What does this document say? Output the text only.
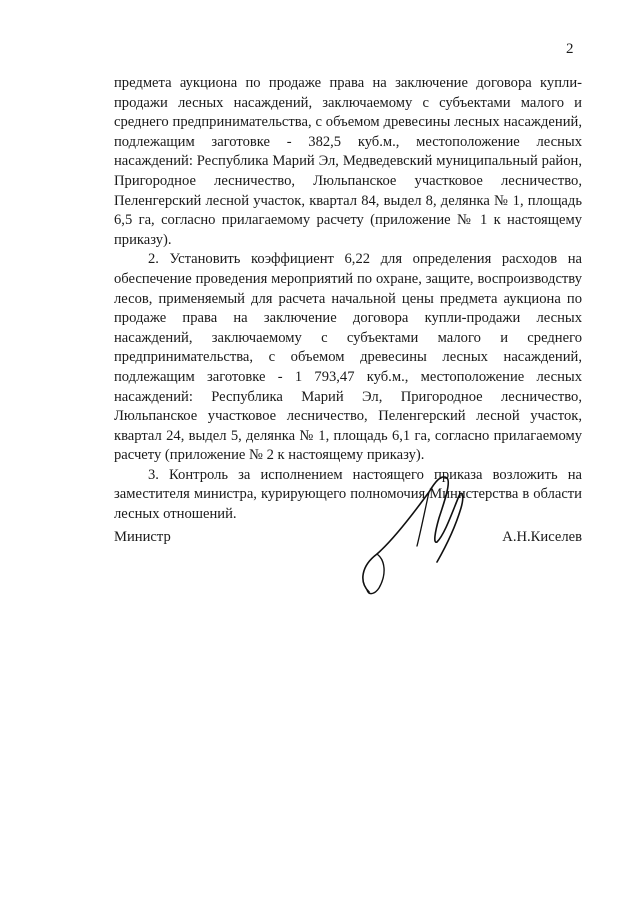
2

предмета аукциона по продаже права на заключение договора купли-продажи лесных насаждений, заключаемому с субъектами малого и среднего предпринимательства, с объемом древесины лесных насаждений, подлежащим заготовке - 382,5 куб.м., местоположение лесных насаждений: Республика Марий Эл, Медведевский муниципальный район, Пригородное лесничество, Люльпанское участковое лесничество, Пеленгерский лесной участок, квартал 84, выдел 8, делянка № 1, площадь 6,5 га, согласно прилагаемому расчету (приложение № 1 к настоящему приказу).

2. Установить коэффициент 6,22 для определения расходов на обеспечение проведения мероприятий по охране, защите, воспроизводству лесов, применяемый для расчета начальной цены предмета аукциона по продаже права на заключение договора купли-продажи лесных насаждений, заключаемому с субъектами малого и среднего предпринимательства, с объемом древесины лесных насаждений, подлежащим заготовке - 1 793,47 куб.м., местоположение лесных насаждений: Республика Марий Эл, Пригородное лесничество, Люльпанское участковое лесничество, Пеленгерский лесной участок, квартал 24, выдел 5, делянка № 1, площадь 6,1 га, согласно прилагаемому расчету (приложение № 2 к настоящему приказу).

3. Контроль за исполнением настоящего приказа возложить на заместителя министра, курирующего полномочия Министерства в области лесных отношений.

Министр	А.Н.Киселев
